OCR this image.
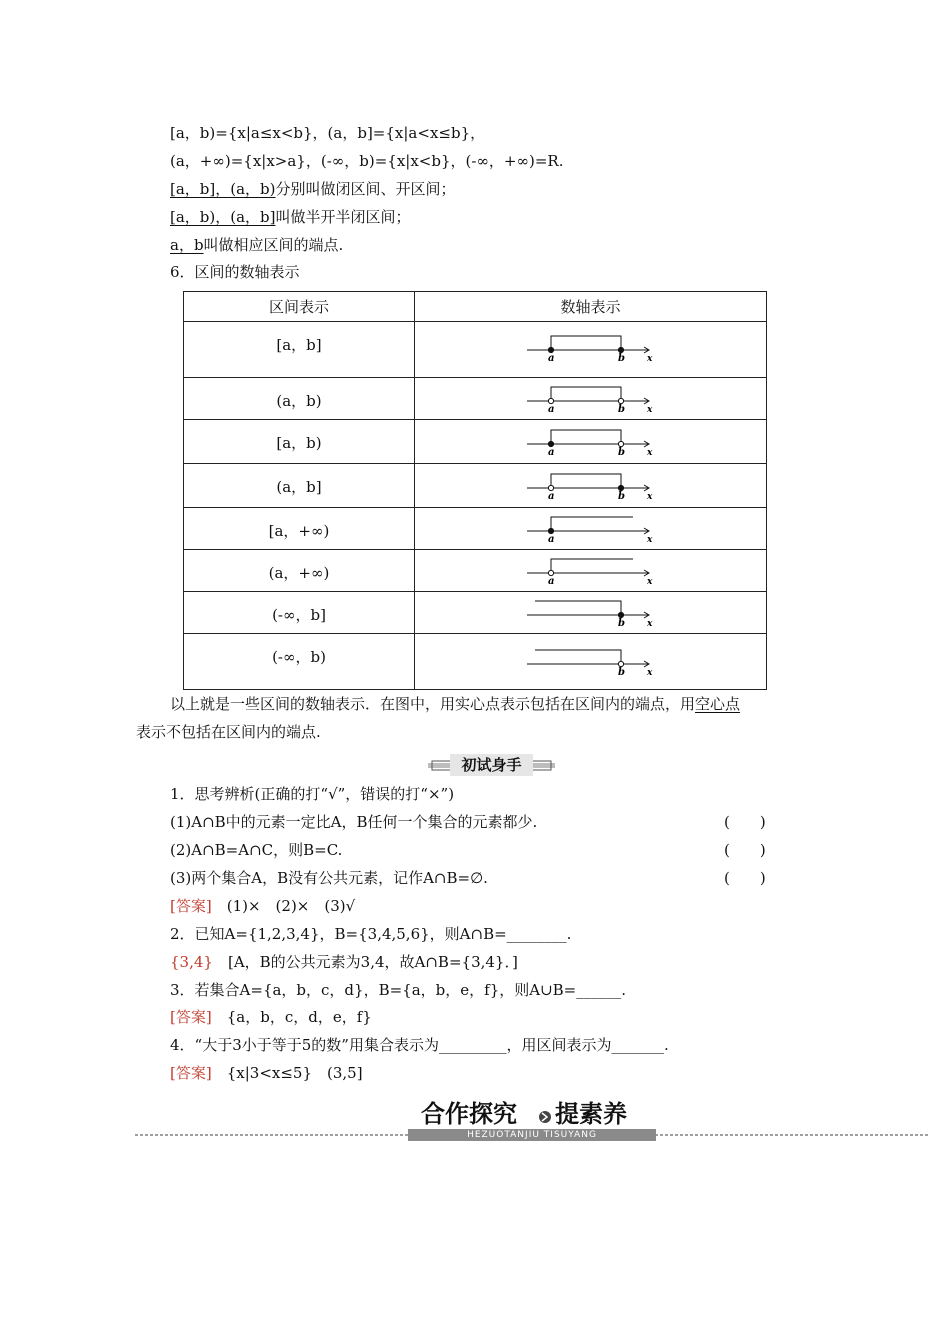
[a，b)={x|a≤x<b}，(a，b]={x|a<x≤b}，
(a，+∞)={x|x>a}，(-∞，b)={x|x<b}，(-∞，+∞)=R.
[a，b]，(a，b)分别叫做闭区间、开区间；
[a，b)，(a，b]叫做半开半闭区间；
a，b叫做相应区间的端点.
6．区间的数轴表示
区间表示	数轴表示
[a，b]	a b x

(a，b)	a b x

[a，b)	a b x

(a，b]	a b x

[a，+∞)	a x

(a，+∞)	a x

(-∞，b]	b x

(-∞，b)	b x
以上就是一些区间的数轴表示．在图中，用实心点表示包括在区间内的端点，用空心点
表示不包括在区间内的端点.
初试身手
1．思考辨析(正确的打“√”，错误的打“×”)
(1)A∩B中的元素一定比A，B任何一个集合的元素都少.	(　　)
(2)A∩B=A∩C，则B=C.	(　　)
(3)两个集合A，B没有公共元素，记作A∩B=∅.	(　　)
[答案]　 (1)×　(2)×　(3)√
2．已知A={1,2,3,4}，B={3,4,5,6}，则A∩B=________.
{3,4}　 [A，B的公共元素为3,4，故A∩B={3,4}．]
3．若集合A={a，b，c，d}，B={a，b，e，f}，则A∪B=______.
[答案]　 {a，b，c，d，e，f}
4．“大于3小于等于5的数”用集合表示为_________，用区间表示为_______.
[答案]　 {x|3<x≤5}　(3,5]
合作探究 提素养
HEZUOTANJIU TISUYANG
